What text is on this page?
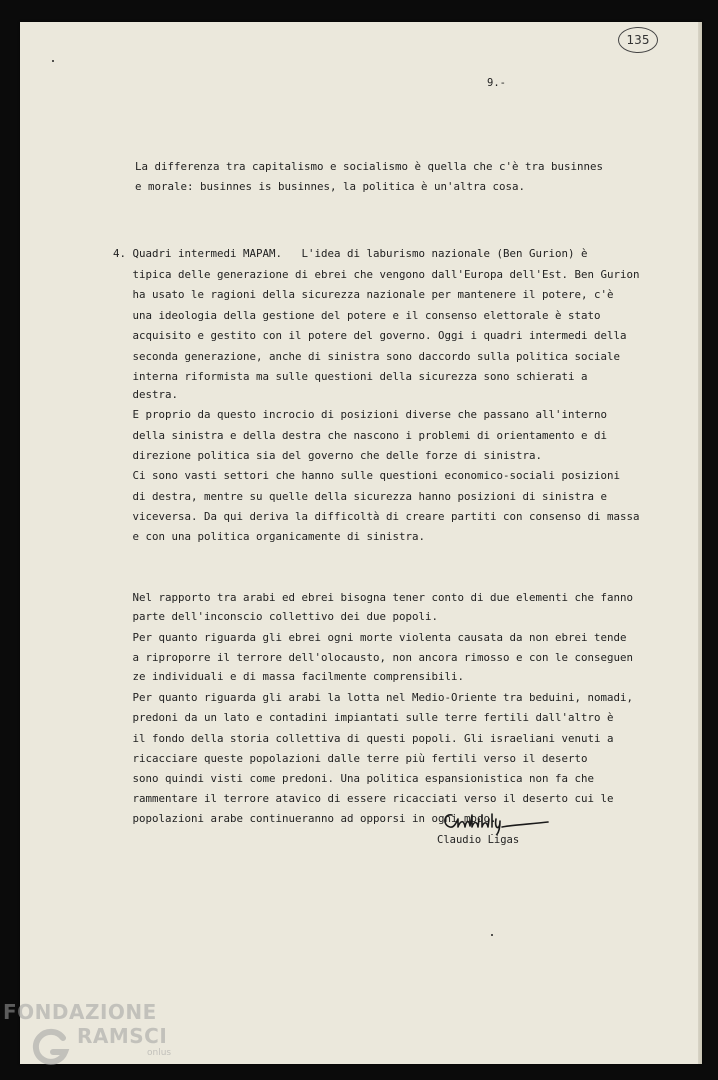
135
9.-
La differenza tra capitalismo e socialismo è quella che c'è tra businnes
e morale: businnes is businnes, la politica è un'altra cosa.
4. Quadri intermedi MAPAM.   L'idea di laburismo nazionale (Ben Gurion) è
tipica delle generazione di ebrei che vengono dall'Europa dell'Est. Ben Gurion
ha usato le ragioni della sicurezza nazionale per mantenere il potere, c'è
una ideologia della gestione del potere e il consenso elettorale è stato
acquisito e gestito con il potere del governo. Oggi i quadri intermedi della
seconda generazione, anche di sinistra sono daccordo sulla politica sociale
interna riformista ma sulle questioni della sicurezza sono schierati a
destra.
E proprio da questo incrocio di posizioni diverse che passano all'interno
della sinistra e della destra che nascono i problemi di orientamento e di
direzione politica sia del governo che delle forze di sinistra.
Ci sono vasti settori che hanno sulle questioni economico-sociali posizioni
di destra, mentre su quelle della sicurezza hanno posizioni di sinistra e
viceversa. Da qui deriva la difficoltà di creare partiti con consenso di massa
e con una politica organicamente di sinistra.
Nel rapporto tra arabi ed ebrei bisogna tener conto di due elementi che fanno
parte dell'inconscio collettivo dei due popoli.
Per quanto riguarda gli ebrei ogni morte violenta causata da non ebrei tende
a riproporre il terrore dell'olocausto, non ancora rimosso e con le conseguen
ze individuali e di massa facilmente comprensibili.
Per quanto riguarda gli arabi la lotta nel Medio-Oriente tra beduini, nomadi,
predoni da un lato e contadini impiantati sulle terre fertili dall'altro è
il fondo della storia collettiva di questi popoli. Gli israeliani venuti a
ricacciare queste popolazioni dalle terre più fertili verso il deserto
sono quindi visti come predoni. Una politica espansionistica non fa che
rammentare il terrore atavico di essere ricacciati verso il deserto cui le
popolazioni arabe continueranno ad opporsi in ogni modo.
Claudio Ligas
FONDAZIONE
RAMSCI
onlus
